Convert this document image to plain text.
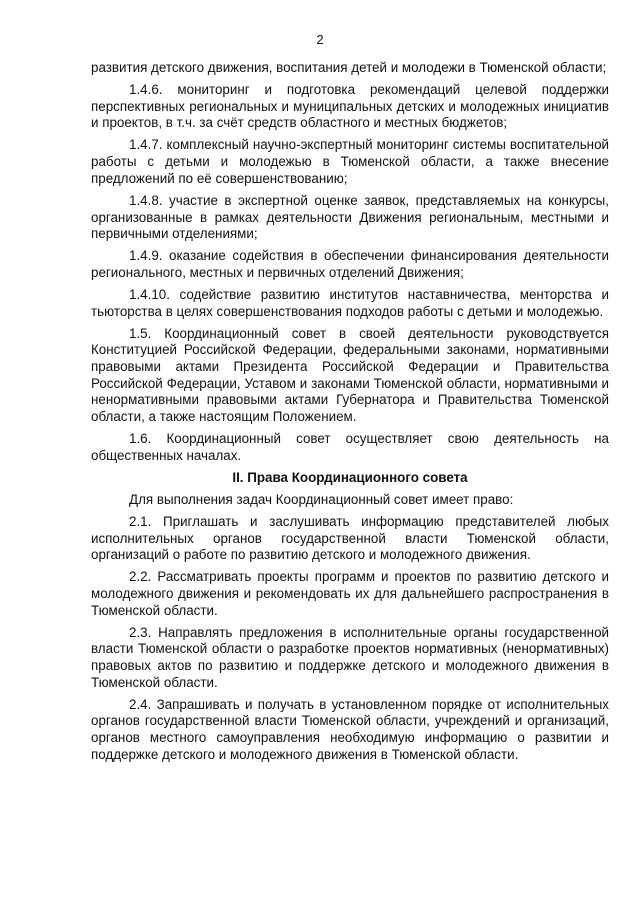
2

развития детского движения, воспитания детей и молодежи в Тюменской области;

1.4.6. мониторинг и подготовка рекомендаций целевой поддержки перспективных региональных и муниципальных детских и молодежных инициатив и проектов, в т.ч. за счёт средств областного и местных бюджетов;

1.4.7. комплексный научно-экспертный мониторинг системы воспитательной работы с детьми и молодежью в Тюменской области, а также внесение предложений по её совершенствованию;

1.4.8. участие в экспертной оценке заявок, представляемых на конкурсы, организованные в рамках деятельности Движения региональным, местными и первичными отделениями;

1.4.9. оказание содействия в обеспечении финансирования деятельности регионального, местных и первичных отделений Движения;

1.4.10. содействие развитию институтов наставничества, менторства и тьюторства в целях совершенствования подходов работы с детьми и молодежью.

1.5. Координационный совет в своей деятельности руководствуется Конституцией Российской Федерации, федеральными законами, нормативными правовыми актами Президента Российской Федерации и Правительства Российской Федерации, Уставом и законами Тюменской области, нормативными и ненормативными правовыми актами Губернатора и Правительства Тюменской области, а также настоящим Положением.

1.6. Координационный совет осуществляет свою деятельность на общественных началах.

II. Права Координационного совета

Для выполнения задач Координационный совет имеет право:

2.1. Приглашать и заслушивать информацию представителей любых исполнительных органов государственной власти Тюменской области, организаций о работе по развитию детского и молодежного движения.

2.2. Рассматривать проекты программ и проектов по развитию детского и молодежного движения и рекомендовать их для дальнейшего распространения в Тюменской области.

2.3. Направлять предложения в исполнительные органы государственной власти Тюменской области о разработке проектов нормативных (ненормативных) правовых актов по развитию и поддержке детского и молодежного движения в Тюменской области.

2.4. Запрашивать и получать в установленном порядке от исполнительных органов государственной власти Тюменской области, учреждений и организаций, органов местного самоуправления необходимую информацию о развитии и поддержке детского и молодежного движения в Тюменской области.
